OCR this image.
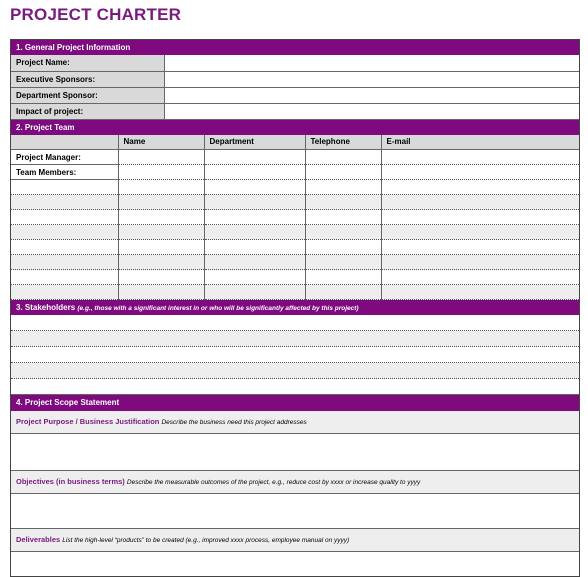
PROJECT CHARTER
1. General Project Information
Project Name:	
Executive Sponsors:	
Department Sponsor:	
Impact of project:	
2. Project Team
	Name	Department	Telephone	E-mail
Project Manager:				
Team Members:				

3. Stakeholders (e.g., those with a significant interest in or who will be significantly affected by this project)
4. Project Scope Statement
Project Purpose / Business Justification Describe the business need this project addresses
Objectives (in business terms) Describe the measurable outcomes of the project, e.g., reduce cost by xxxx or increase quality to yyyy
Deliverables List the high-level “products” to be created (e.g., improved xxxx process, employee manual on yyyy)
